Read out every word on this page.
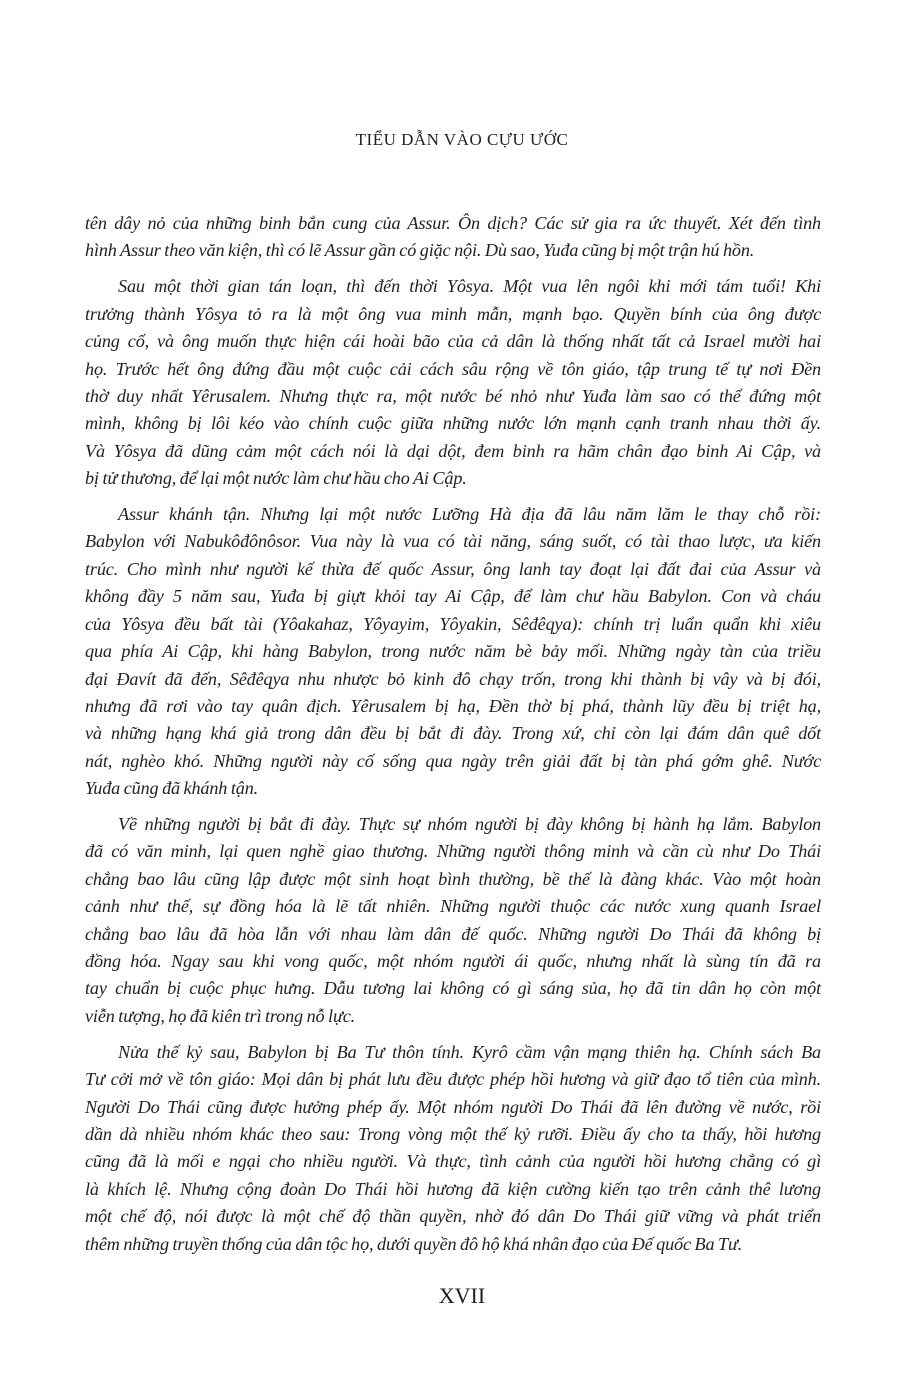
TIỂU DẪN VÀO CỰU ƯỚC
tên dây nỏ của những binh bắn cung của Assur. Ôn dịch? Các sử gia ra ức thuyết. Xét đến tình
hình Assur theo văn kiện, thì có lẽ Assur gần có giặc nội. Dù sao, Yuđa cũng bị một trận hú hồn.
Sau một thời gian tán loạn, thì đến thời Yôsya. Một vua lên ngôi khi mới tám tuổi! Khi
trưởng thành Yôsya tỏ ra là một ông vua minh mẫn, mạnh bạo. Quyền bính của ông được
củng cố, và ông muốn thực hiện cái hoài bão của cả dân là thống nhất tất cả Israel mười hai
họ. Trước hết ông đứng đầu một cuộc cải cách sâu rộng về tôn giáo, tập trung tế tự nơi Đền
thờ duy nhất Yêrusalem. Nhưng thực ra, một nước bé nhỏ như Yuđa làm sao có thể đứng một
mình, không bị lôi kéo vào chính cuộc giữa những nước lớn mạnh cạnh tranh nhau thời ấy.
Và Yôsya đã dũng cảm một cách nói là dại dột, đem binh ra hãm chân đạo binh Ai Cập, và
bị tử thương, để lại một nước làm chư hầu cho Ai Cập.
Assur khánh tận. Nhưng lại một nước Lưỡng Hà địa đã lâu năm lăm le thay chỗ rồi:
Babylon với Nabukôđônôsor. Vua này là vua có tài năng, sáng suốt, có tài thao lược, ưa kiến
trúc. Cho mình như người kế thừa đế quốc Assur, ông lanh tay đoạt lại đất đai của Assur và
không đầy 5 năm sau, Yuđa bị giựt khỏi tay Ai Cập, để làm chư hầu Babylon. Con và cháu
của Yôsya đều bất tài (Yôakahaz, Yôyayim, Yôyakin, Sêđêqya): chính trị luẩn quẩn khi xiêu
qua phía Ai Cập, khi hàng Babylon, trong nước năm bè bảy mối. Những ngày tàn của triều
đại Đavít đã đến, Sêđêqya nhu nhược bỏ kinh đô chạy trốn, trong khi thành bị vây và bị đói,
nhưng đã rơi vào tay quân địch. Yêrusalem bị hạ, Đền thờ bị phá, thành lũy đều bị triệt hạ,
và những hạng khá giả trong dân đều bị bắt đi đày. Trong xứ, chỉ còn lại đám dân quê dốt
nát, nghèo khó. Những người này cố sống qua ngày trên giải đất bị tàn phá gớm ghê. Nước
Yuđa cũng đã khánh tận.
Về những người bị bắt đi đày. Thực sự nhóm người bị đày không bị hành hạ lắm. Babylon
đã có văn minh, lại quen nghề giao thương. Những người thông minh và cần cù như Do Thái
chẳng bao lâu cũng lập được một sinh hoạt bình thường, bề thế là đàng khác. Vào một hoàn
cảnh như thế, sự đồng hóa là lẽ tất nhiên. Những người thuộc các nước xung quanh Israel
chẳng bao lâu đã hòa lẫn với nhau làm dân đế quốc. Những người Do Thái đã không bị
đồng hóa. Ngay sau khi vong quốc, một nhóm người ái quốc, nhưng nhất là sùng tín đã ra
tay chuẩn bị cuộc phục hưng. Dẫu tương lai không có gì sáng sủa, họ đã tin dân họ còn một
viễn tượng, họ đã kiên trì trong nỗ lực.
Nửa thế kỷ sau, Babylon bị Ba Tư thôn tính. Kyrô cầm vận mạng thiên hạ. Chính sách Ba
Tư cởi mở về tôn giáo: Mọi dân bị phát lưu đều được phép hồi hương và giữ đạo tổ tiên của mình.
Người Do Thái cũng được hưởng phép ấy. Một nhóm người Do Thái đã lên đường về nước, rồi
dần dà nhiều nhóm khác theo sau: Trong vòng một thế kỷ rưỡi. Điều ấy cho ta thấy, hồi hương
cũng đã là mối e ngại cho nhiều người. Và thực, tình cảnh của người hồi hương chẳng có gì
là khích lệ. Nhưng cộng đoàn Do Thái hồi hương đã kiện cường kiến tạo trên cảnh thê lương
một chế độ, nói được là một chế độ thần quyền, nhờ đó dân Do Thái giữ vững và phát triển
thêm những truyền thống của dân tộc họ, dưới quyền đô hộ khá nhân đạo của Đế quốc Ba Tư.
XVII
